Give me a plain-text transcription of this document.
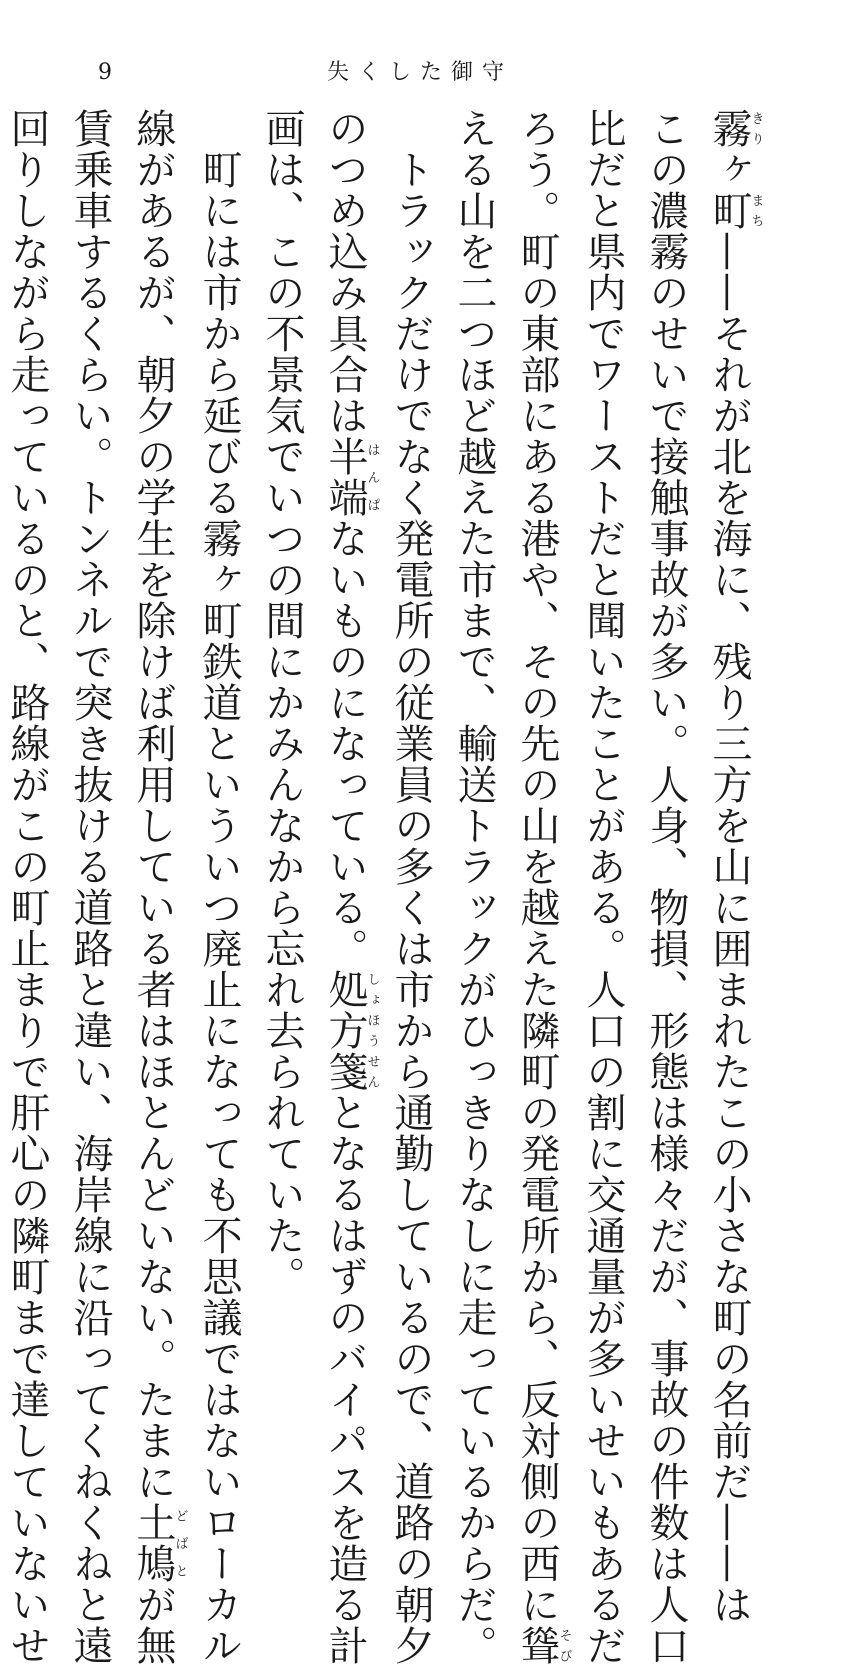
9	失くした御守
霧きりヶ町まち——それが北を海に、残り三方を山に囲まれたこの小さな町の名前だ——は
この濃霧のせいで接触事故が多い。人身、物損、形態は様々だが、事故の件数は人口
比だと県内でワーストだと聞いたことがある。人口の割に交通量が多いせいもあるだ
ろう。町の東部にある港や、その先の山を越えた隣町の発電所から、反対側の西に聳そび
える山を二つほど越えた市まで、輸送トラックがひっきりなしに走っているからだ。
　トラックだけでなく発電所の従業員の多くは市から通勤しているので、道路の朝夕
のつめ込み具合は半端はんぱないものになっている。処方箋しょほうせんとなるはずのバイパスを造る計
画は、この不景気でいつの間にかみんなから忘れ去られていた。
　町には市から延びる霧ヶ町鉄道というい​つ廃止になっても不思議ではないローカル
線があるが、朝夕の学生を除けば利用している者はほとんどいない。たまに土鳩どばとが無
賃乗車するくらい。トンネルで突き抜ける道路と違い、海岸線に沿ってくねくねと遠
回りしながら走っているのと、路線がこの町止まりで肝心の隣町まで達していないせ
